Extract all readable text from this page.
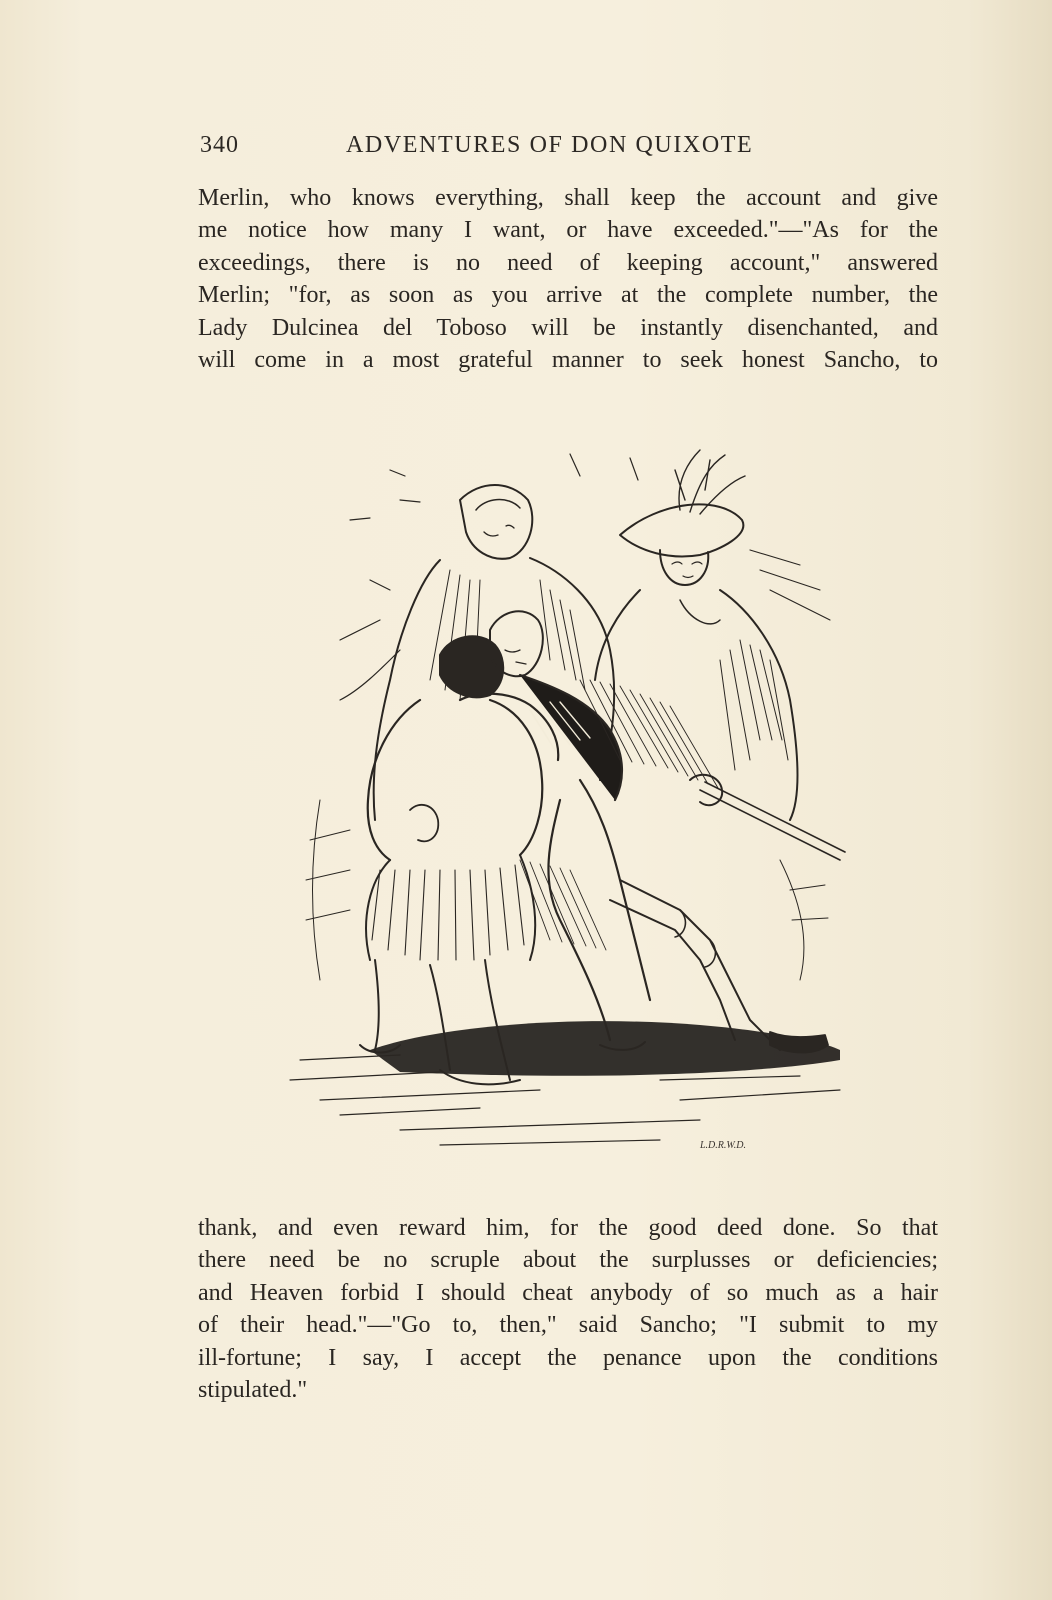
340	ADVENTURES OF DON QUIXOTE
Merlin, who knows everything, shall keep the account and give
me notice how many I want, or have exceeded."—"As for the
exceedings, there is no need of keeping account," answered
Merlin; "for, as soon as you arrive at the complete number, the
Lady Dulcinea del Toboso will be instantly disenchanted, and
will come in a most grateful manner to seek honest Sancho, to
L.D.R.W.D.
thank, and even reward him, for the good deed done. So that
there need be no scruple about the surplusses or deficiencies;
and Heaven forbid I should cheat anybody of so much as a hair
of their head."—"Go to, then," said Sancho; "I submit to my
ill-fortune; I say, I accept the penance upon the conditions
stipulated."
